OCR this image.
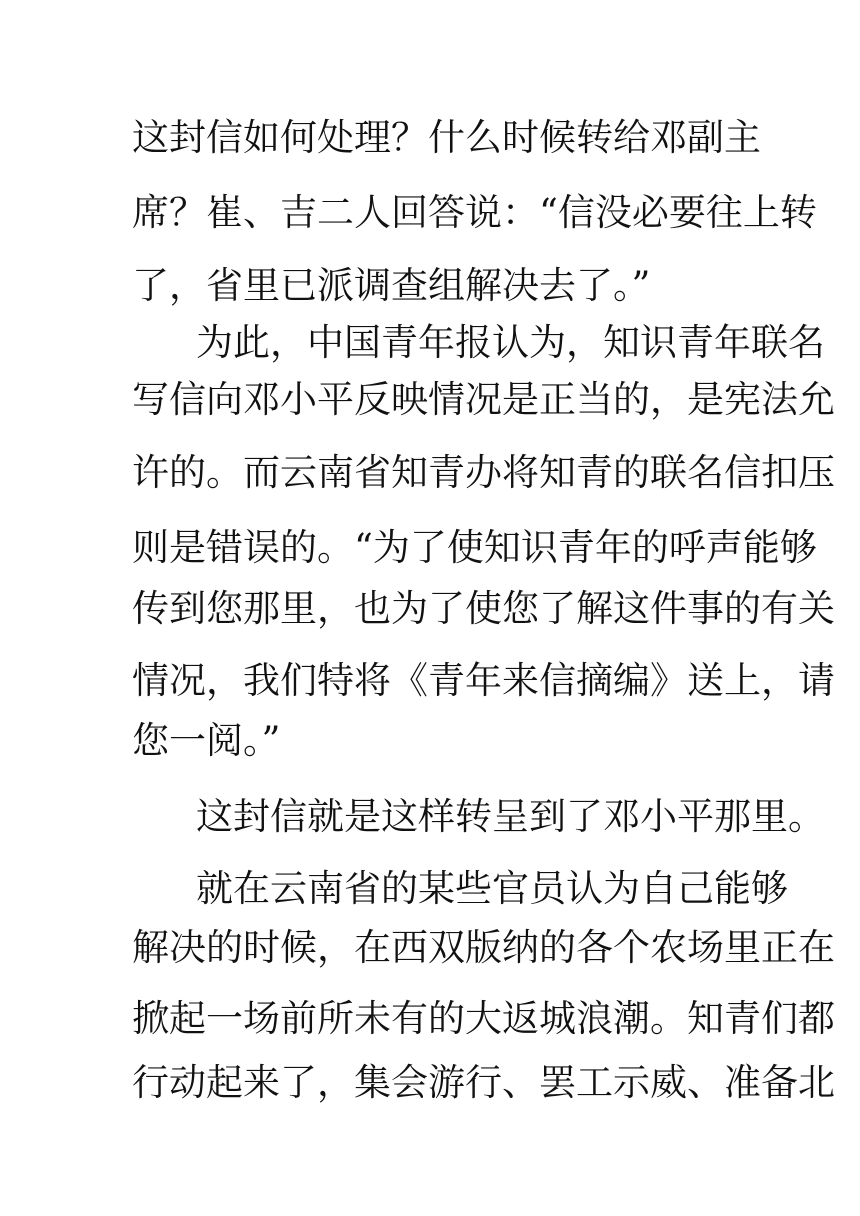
这封信如何处理？什么时候转给邓副主
席？崔、吉二人回答说：“信没必要往上转
了，省里已派调查组解决去了。”
为此，中国青年报认为，知识青年联名
写信向邓小平反映情况是正当的，是宪法允
许的。而云南省知青办将知青的联名信扣压
则是错误的。“为了使知识青年的呼声能够
传到您那里，也为了使您了解这件事的有关
情况，我们特将《青年来信摘编》送上，请
您一阅。”
这封信就是这样转呈到了邓小平那里。
就在云南省的某些官员认为自己能够
解决的时候，在西双版纳的各个农场里正在
掀起一场前所未有的大返城浪潮。知青们都
行动起来了，集会游行、罢工示威、准备北
